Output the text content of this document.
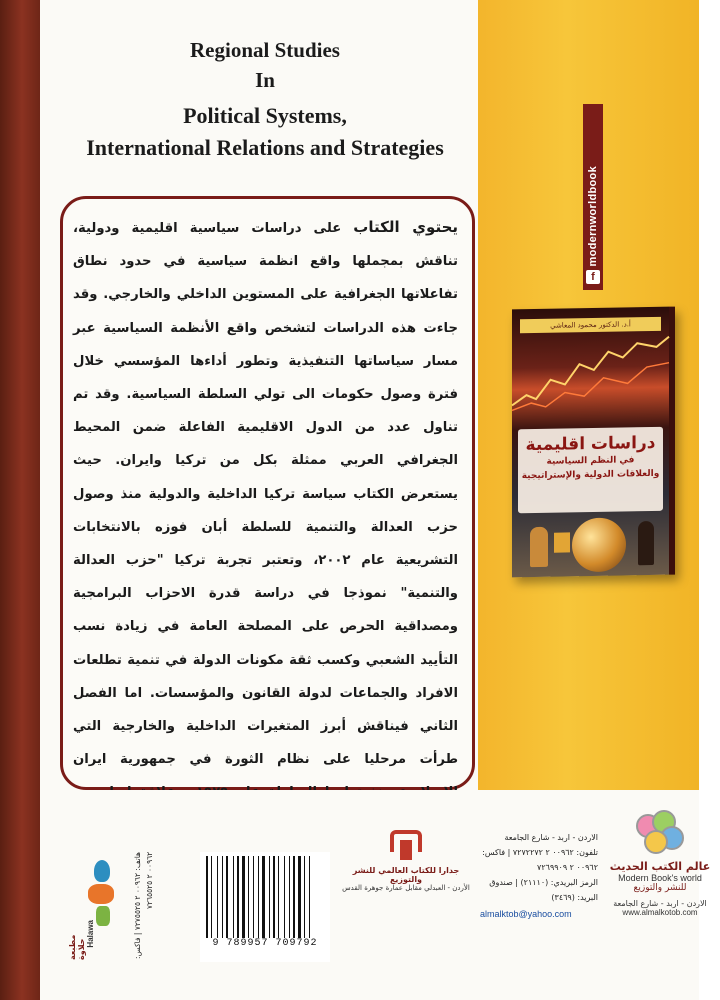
modernworldbook
f
أ.د. الدكتور محمود المعاشي
دراسات اقليمية
في النظم السياسية
والعلاقات الدولية والإستراتيجية
Regional Studies
In
Political Systems,
International Relations and Strategies
يحتوي الكتاب على دراسات سياسية اقليمية ودولية، تناقش بمجملها واقع انظمة سياسية في حدود نطاق تفاعلاتها الجغرافية على المستوين الداخلي والخارجي. وقد جاءت هذه الدراسات لتشخص واقع الأنظمة السياسية عبر مسار سياساتها التنفيذية وتطور أداءها المؤسسي خلال فترة وصول حكومات الى تولي السلطة السياسية. وقد تم تناول عدد من الدول الاقليمية الفاعلة ضمن المحيط الجغرافي العربي ممثلة بكل من تركيا وايران. حيث يستعرض الكتاب سياسة تركيا الداخلية والدولية منذ وصول حزب العدالة والتنمية للسلطة أبان فوزه بالانتخابات التشريعية عام ٢٠٠٢، وتعتبر تجربة تركيا "حزب العدالة والتنمية" نموذجا في دراسة قدرة الاحزاب البرامجية ومصداقية الحرص على المصلحة العامة في زيادة نسب التأييد الشعبي وكسب ثقة مكونات الدولة في تنمية تطلعات الافراد والجماعات لدولة القانون والمؤسسات. اما الفصل الثاني فيناقش أبرز المتغيرات الداخلية والخارجية التي طرأت مرحليا على نظام الثورة في جمهورية ايران
مطبعة حلاوة
Halawa	هاتف: ٠٠٩٦٢ ٢ ٧٢٧٥٥٢٥ | فاكس: ٠٠٩٦٢ ٢ ٧٢٦٥٥٢٥
9 789957 709792
جدارا للكتاب العالمي للنشر والتوزيع
الأردن - العبدلي مقابل عمارة جوهرة القدس
الاردن - اربد - شارع الجامعة
تلفون: ٠٠٩٦٢ ٢ ٧٢٧٢٢٧٢ | فاكس: ٠٠٩٦٢ ٢ ٧٢٦٩٩٠٩
الرمز البريدي: (٢١١١٠) | صندوق البريد: (٣٤٦٩)
almalktob@yahoo.com
عالم الكتب الحديث
Modern Book's world
للنشر والتوزيع
الاردن - اربد - شارع الجامعة
www.almalkotob.com
